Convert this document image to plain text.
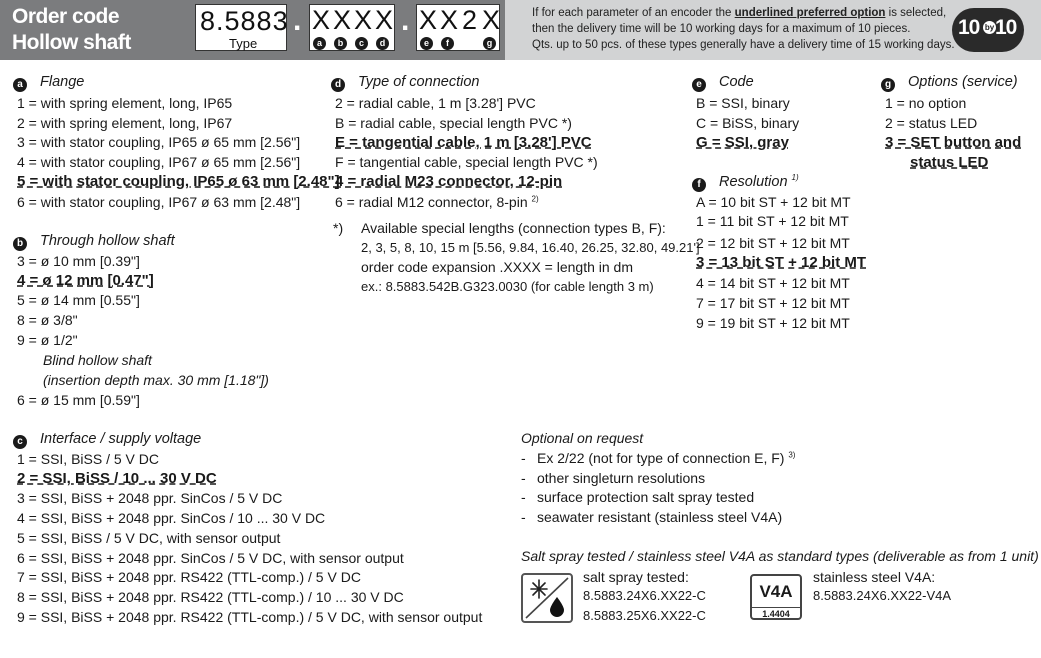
Order code
Hollow shaft
8.5883
Type
. X X X X . X X 2 X
a	b	c	d	e	f	g
If for each parameter of an encoder the underlined preferred option is selected,
then the delivery time will be 10 working days for a maximum of 10 pieces.
Qts. up to 50 pcs. of these types generally have a delivery time of 15 working days.
10 by 10
a Flange
1 = with spring element, long, IP65
2 = with spring element, long, IP67
3 = with stator coupling, IP65 ø 65 mm [2.56"]
4 = with stator coupling, IP67 ø 65 mm [2.56"]
5 = with stator coupling, IP65 ø 63 mm [2.48"]
6 = with stator coupling, IP67 ø 63 mm [2.48"]
b Through hollow shaft
3 = ø 10 mm [0.39"]
4 = ø 12 mm [0.47"]
5 = ø 14 mm [0.55"]
8 = ø 3/8"
9 = ø 1/2"
Blind hollow shaft
(insertion depth max. 30 mm [1.18"])
6 = ø 15 mm [0.59"]
c Interface / supply voltage
1 = SSI, BiSS / 5 V DC
2 = SSI, BiSS / 10 ... 30 V DC
3 = SSI, BiSS + 2048 ppr. SinCos / 5 V DC
4 = SSI, BiSS + 2048 ppr. SinCos / 10 ... 30 V DC
5 = SSI, BiSS / 5 V DC, with sensor output
6 = SSI, BiSS + 2048 ppr. SinCos / 5 V DC, with sensor output
7 = SSI, BiSS + 2048 ppr. RS422 (TTL-comp.) / 5 V DC
8 = SSI, BiSS + 2048 ppr. RS422 (TTL-comp.) / 10 ... 30 V DC
9 = SSI, BiSS + 2048 ppr. RS422 (TTL-comp.) / 5 V DC, with sensor output
d Type of connection
2 = radial cable, 1 m [3.28'] PVC
B = radial cable, special length PVC *)
E = tangential cable, 1 m [3.28'] PVC
F = tangential cable, special length PVC *)
4 = radial M23 connector, 12-pin
6 = radial M12 connector, 8-pin $^{2)}$
*) Available special lengths (connection types B, F):
2, 3, 5, 8, 10, 15 m [5.56, 9.84, 16.40, 26.25, 32.80, 49.21']
order code expansion .XXXX = length in dm
ex.: 8.5883.542B.G323.0030 (for cable length 3 m)
e Code
B = SSI, binary
C = BiSS, binary
G = SSI, gray
f Resolution $^{1)}$
A = 10 bit ST + 12 bit MT
1 = 11 bit ST + 12 bit MT
2 = 12 bit ST + 12 bit MT
3 = 13 bit ST + 12 bit MT
4 = 14 bit ST + 12 bit MT
7 = 17 bit ST + 12 bit MT
9 = 19 bit ST + 12 bit MT
g Options (service)
1 = no option
2 = status LED
3 = SET button and
status LED
Optional on request
- Ex 2/22 (not for type of connection E, F) $^{3)}$
- other singleturn resolutions
- surface protection salt spray tested
- seawater resistant (stainless steel V4A)
Salt spray tested / stainless steel V4A as standard types (deliverable as from 1 unit)
salt spray tested:
8.5883.24X6.XX22-C
8.5883.25X6.XX22-C
V4A
1.4404
stainless steel V4A:
8.5883.24X6.XX22-V4A
